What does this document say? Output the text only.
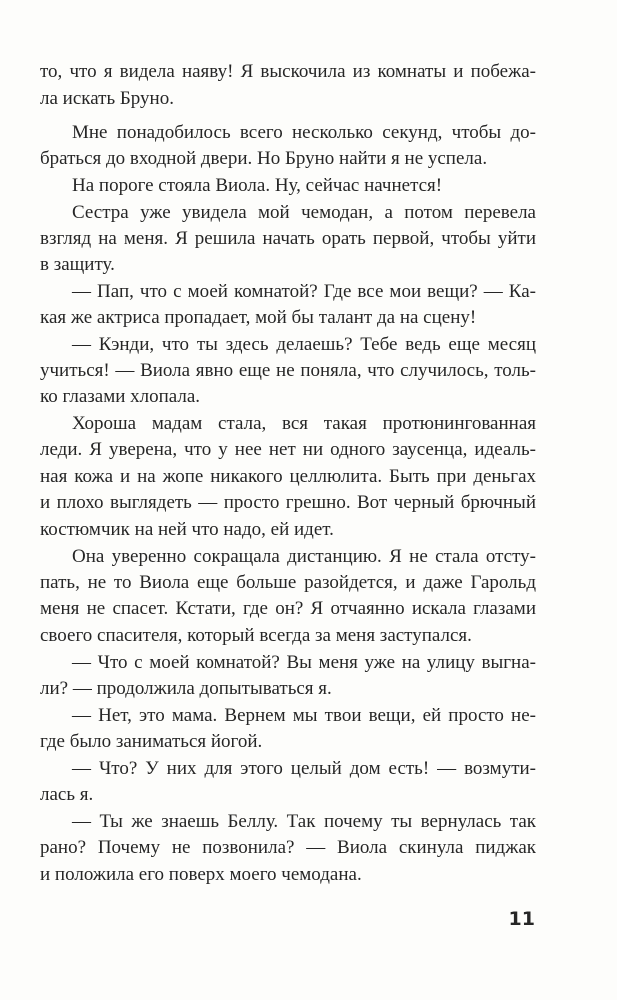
то, что я видела наяву! Я выскочила из комнаты и побежа-
ла искать Бруно.
Мне понадобилось всего несколько секунд, чтобы до-
браться до входной двери. Но Бруно найти я не успела.
На пороге стояла Виола. Ну, сейчас начнется!
Сестра уже увидела мой чемодан, а потом перевела
взгляд на меня. Я решила начать орать первой, чтобы уйти
в защиту.
— Пап, что с моей комнатой? Где все мои вещи? — Ка-
кая же актриса пропадает, мой бы талант да на сцену!
— Кэнди, что ты здесь делаешь? Тебе ведь еще месяц
учиться! — Виола явно еще не поняла, что случилось, толь-
ко глазами хлопала.
Хороша мадам стала, вся такая протюнингованная
леди. Я уверена, что у нее нет ни одного заусенца, идеаль-
ная кожа и на жопе никакого целлюлита. Быть при деньгах
и плохо выглядеть — просто грешно. Вот черный брючный
костюмчик на ней что надо, ей идет.
Она уверенно сокращала дистанцию. Я не стала отсту-
пать, не то Виола еще больше разойдется, и даже Гарольд
меня не спасет. Кстати, где он? Я отчаянно искала глазами
своего спасителя, который всегда за меня заступался.
— Что с моей комнатой? Вы меня уже на улицу выгна-
ли? — продолжила допытываться я.
— Нет, это мама. Вернем мы твои вещи, ей просто не-
где было заниматься йогой.
— Что? У них для этого целый дом есть! — возмути-
лась я.
— Ты же знаешь Беллу. Так почему ты вернулась так
рано? Почему не позвонила? — Виола скинула пиджак
и положила его поверх моего чемодана.
11
